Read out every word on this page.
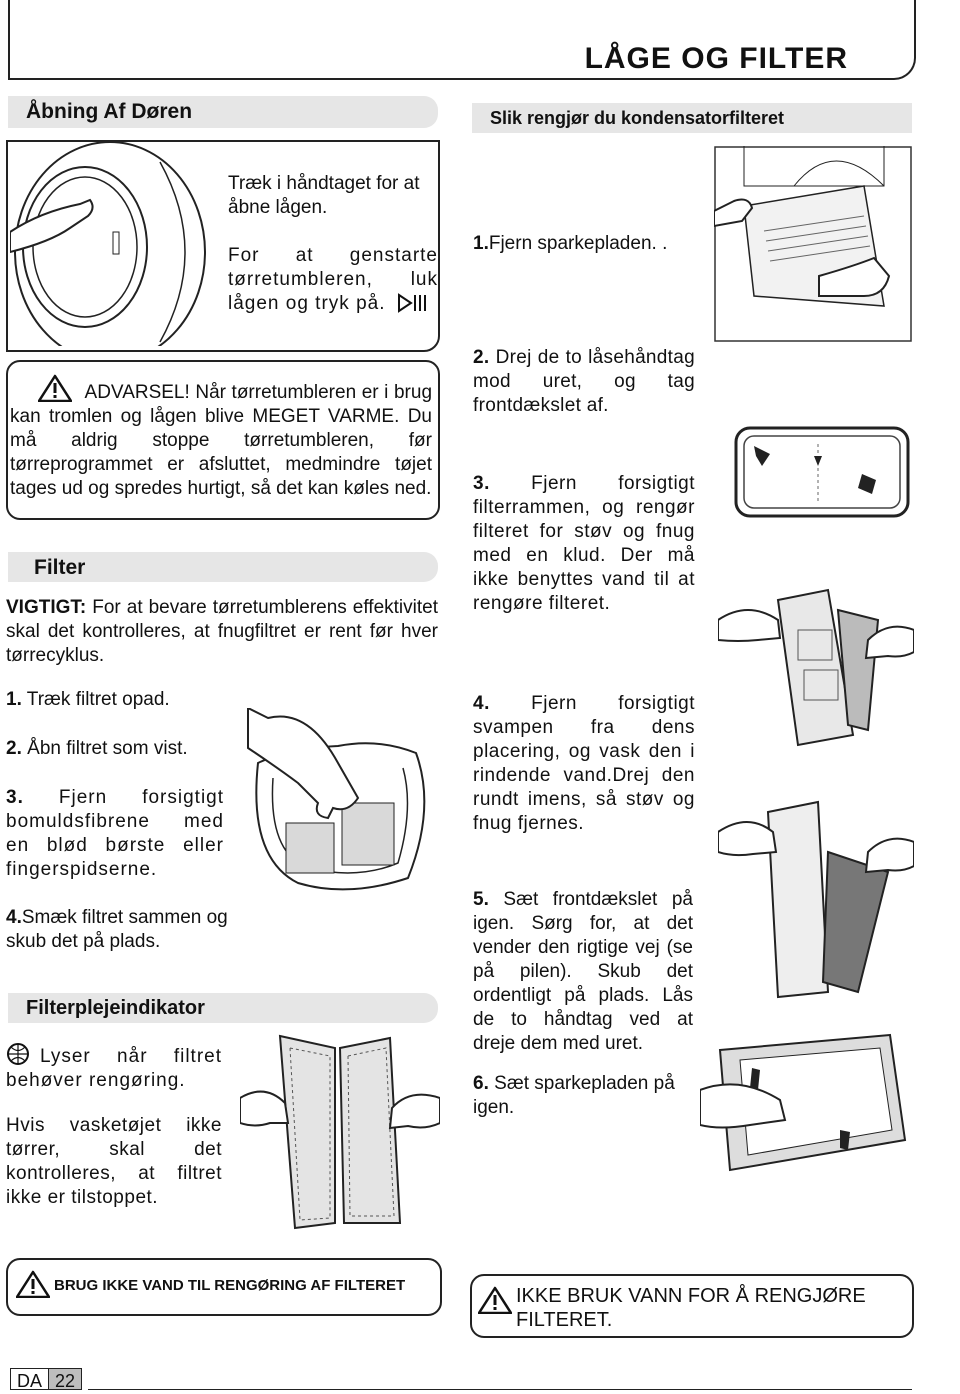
LÅGE OG FILTER
Åbning Af Døren
Træk i håndtaget for at åbne lågen.
For at genstarte tørretumbleren, luk lågen og tryk på.
ADVARSEL! Når tørretumbleren er i brug kan tromlen og lågen blive MEGET VARME. Du må aldrig stoppe tørretumbleren, før tørreprogrammet er afsluttet, medmindre tøjet tages ud og spredes hurtigt, så det kan køles ned.
Filter
VIGTIGT: For at bevare tørretumblerens effektivitet skal det kontrolleres, at fnugfiltret er rent før hver tørrecyklus.
1. Træk filtret opad.
2. Åbn filtret som vist.
3. Fjern forsigtigt bomuldsfibrene med en blød børste eller fingerspidserne.
4.Smæk filtret sammen og skub det på plads.
Filterplejeindikator
Lyser når filtret behøver rengøring.
Hvis vasketøjet ikke tørrer, skal det kontrolleres, at filtret ikke er tilstoppet.
Slik rengjør du kondensatorfilteret
1.Fjern sparkepladen. .
2. Drej de to låsehåndtag mod uret, og tag frontdækslet af.
3. Fjern forsigtigt filterrammen, og rengør filteret for støv og fnug med en klud. Der må ikke benyttes vand til at rengøre filteret.
4. Fjern forsigtigt svampen fra dens placering, og vask den i rindende vand.Drej den rundt imens, så støv og fnug fjernes.
5. Sæt frontdækslet på igen. Sørg for, at det vender den rigtige vej (se på pilen). Skub det ordentligt på plads. Lås de to håndtag ved at dreje dem med uret.
6. Sæt sparkepladen på igen.
BRUG IKKE VAND TIL RENGØRING AF FILTERET	IKKE BRUK VANN FOR Å RENGJØRE FILTERET.
DA 22
